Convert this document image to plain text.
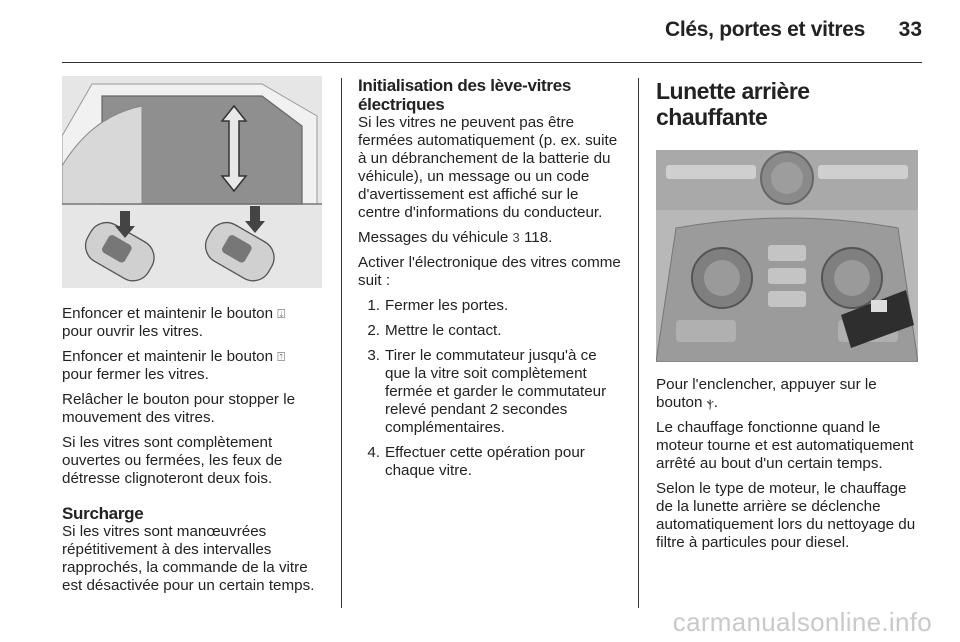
Clés, portes et vitres 33

Enfoncer et maintenir le bouton ⍗
pour ouvrir les vitres.

Enfoncer et maintenir le bouton ⍐
pour fermer les vitres.

Relâcher le bouton pour stopper le mouvement des vitres.

Si les vitres sont complètement ouvertes ou fermées, les feux de détresse clignoteront deux fois.

Surcharge

Si les vitres sont manœuvrées répétitivement à des intervalles rapprochés, la commande de la vitre est désactivée pour un certain temps.

Initialisation des lève-vitres électriques

Si les vitres ne peuvent pas être fermées automatiquement (p. ex. suite à un débranchement de la batterie du véhicule), un message ou un code d'avertissement est affiché sur le centre d'informations du conducteur.

Messages du véhicule 3 118.

Activer l'électronique des vitres comme suit :

1. Fermer les portes.
2. Mettre le contact.
3. Tirer le commutateur jusqu'à ce que la vitre soit complètement fermée et garder le commutateur relevé pendant 2 secondes complémentaires.
4. Effectuer cette opération pour chaque vitre.
Lunette arrière chauffante

Pour l'enclencher, appuyer sur le bouton ⲯ.

Le chauffage fonctionne quand le moteur tourne et est automatiquement arrêté au bout d'un certain temps.

Selon le type de moteur, le chauffage de la lunette arrière se déclenche automatiquement lors du nettoyage du filtre à particules pour diesel.

carmanualsonline.info
